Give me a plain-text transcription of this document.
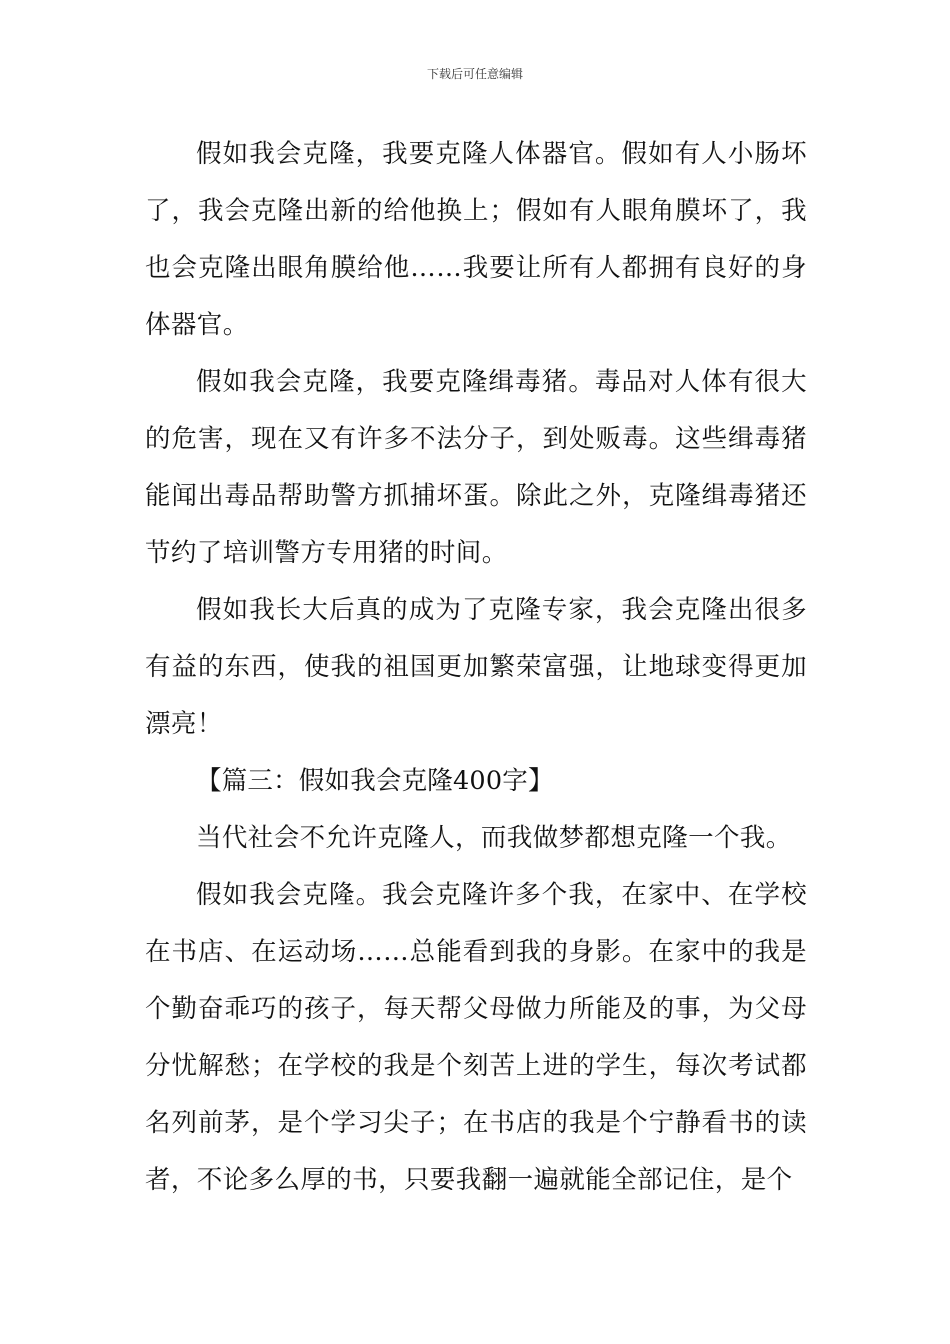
下载后可任意编辑

假如我会克隆，我要克隆人体器官。假如有人小肠坏了，我会克隆出新的给他换上；假如有人眼角膜坏了，我也会克隆出眼角膜给他……我要让所有人都拥有良好的身体器官。

假如我会克隆，我要克隆缉毒猪。毒品对人体有很大的危害，现在又有许多不法分子，到处贩毒。这些缉毒猪能闻出毒品帮助警方抓捕坏蛋。除此之外，克隆缉毒猪还节约了培训警方专用猪的时间。

假如我长大后真的成为了克隆专家，我会克隆出很多有益的东西，使我的祖国更加繁荣富强，让地球变得更加漂亮！

【篇三：假如我会克隆400字】

当代社会不允许克隆人，而我做梦都想克隆一个我。

假如我会克隆。我会克隆许多个我，在家中、在学校在书店、在运动场……总能看到我的身影。在家中的我是个勤奋乖巧的孩子，每天帮父母做力所能及的事，为父母分忧解愁；在学校的我是个刻苦上进的学生，每次考试都名列前茅，是个学习尖子；在书店的我是个宁静看书的读者，不论多么厚的书，只要我翻一遍就能全部记住，是个
